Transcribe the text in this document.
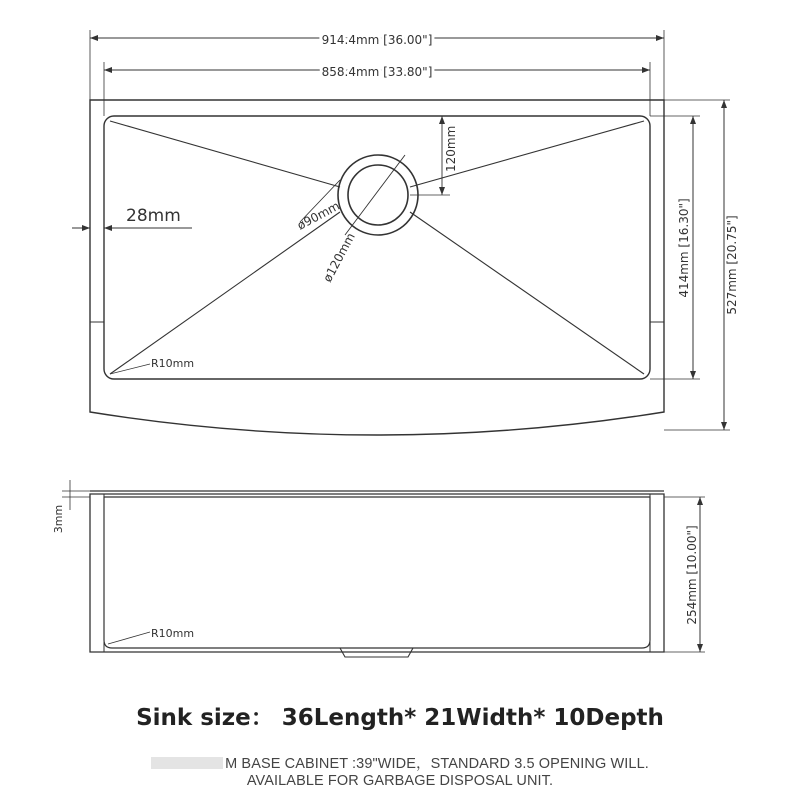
914.4mm [36.00"]
858.4mm [33.80"]
28mm
120mm
ø90mm
ø120mm	414mm [16.30"]	527mm [20.75"]
R10mm
3mm
254mm [10.00"]
R10mm
Sink size： 36Length* 21Width* 10Depth
M BASE CABINET :39"WIDE，STANDARD 3.5 OPENING WILL.
AVAILABLE FOR GARBAGE DISPOSAL UNIT.
